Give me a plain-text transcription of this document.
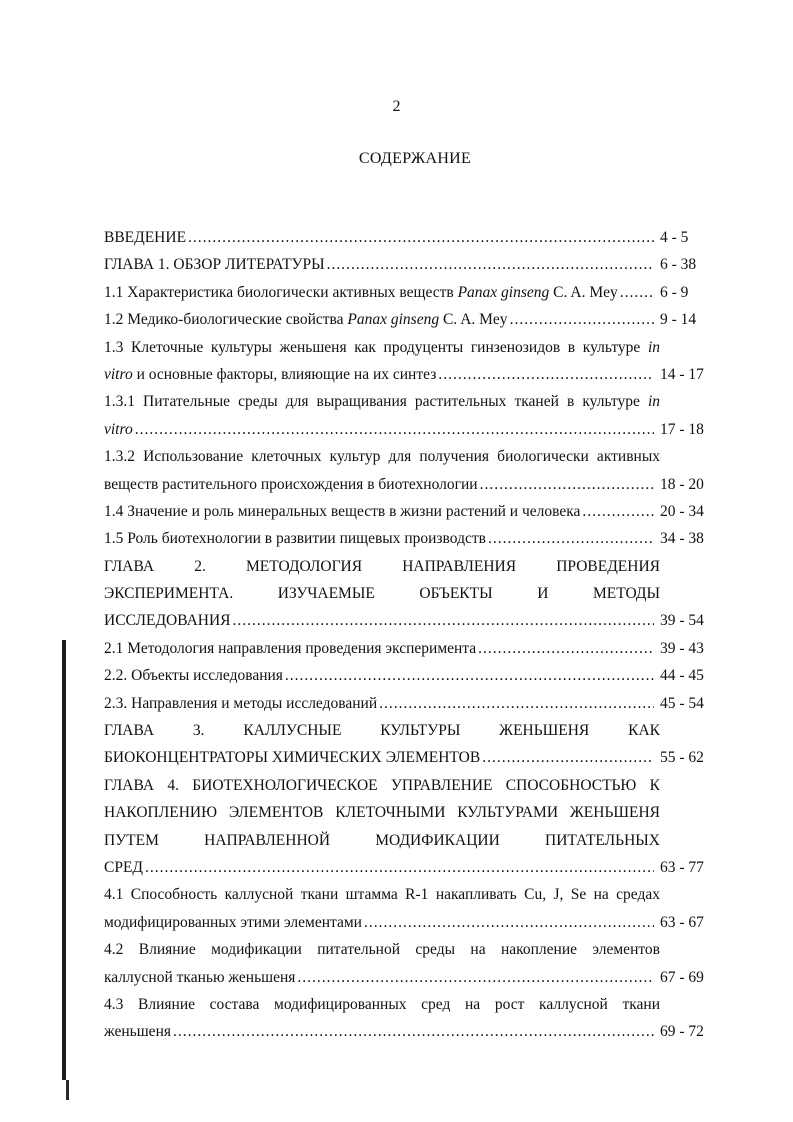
2
СОДЕРЖАНИЕ
ВВЕДЕНИЕ .....	4 - 5
ГЛАВА 1. ОБЗОР ЛИТЕРАТУРЫ .....	6 - 38
1.1 Характеристика биологически активных веществ Panax ginseng C. A. Mey .....	6 - 9
1.2 Медико-биологические свойства Panax ginseng C. A. Mey .....	9 - 14
1.3 Клеточные культуры женьшеня как продуценты гинзенозидов в культуре in
vitro и основные факторы, влияющие на их синтез .....	14 - 17
1.3.1 Питательные среды для выращивания растительных тканей в культуре in
vitro .....	17 - 18
1.3.2 Использование клеточных культур для получения биологически активных
веществ растительного происхождения в биотехнологии .....	18 - 20
1.4 Значение и роль минеральных веществ в жизни растений и человека .....	20 - 34
1.5 Роль биотехнологии в развитии пищевых производств .....	34 - 38
ГЛАВА 2. МЕТОДОЛОГИЯ НАПРАВЛЕНИЯ ПРОВЕДЕНИЯ
ЭКСПЕРИМЕНТА. ИЗУЧАЕМЫЕ ОБЪЕКТЫ И МЕТОДЫ
ИССЛЕДОВАНИЯ .....	39 - 54
2.1 Методология направления проведения эксперимента .....	39 - 43
2.2. Объекты исследования .....	44 - 45
2.3. Направления и методы исследований .....	45 - 54
ГЛАВА 3. КАЛЛУСНЫЕ КУЛЬТУРЫ ЖЕНЬШЕНЯ КАК
БИОКОНЦЕНТРАТОРЫ ХИМИЧЕСКИХ ЭЛЕМЕНТОВ .....	55 - 62
ГЛАВА 4. БИОТЕХНОЛОГИЧЕСКОЕ УПРАВЛЕНИЕ СПОСОБНОСТЬЮ К
НАКОПЛЕНИЮ ЭЛЕМЕНТОВ КЛЕТОЧНЫМИ КУЛЬТУРАМИ ЖЕНЬШЕНЯ
ПУТЕМ НАПРАВЛЕННОЙ МОДИФИКАЦИИ ПИТАТЕЛЬНЫХ
СРЕД .....	63 - 77
4.1 Способность каллусной ткани штамма R-1 накапливать Cu, J, Se на средах
модифицированных этими элементами .....	63 - 67
4.2 Влияние модификации питательной среды на накопление элементов
каллусной тканью женьшеня .....	67 - 69
4.3 Влияние состава модифицированных сред на рост каллусной ткани
женьшеня .....	69 - 72
